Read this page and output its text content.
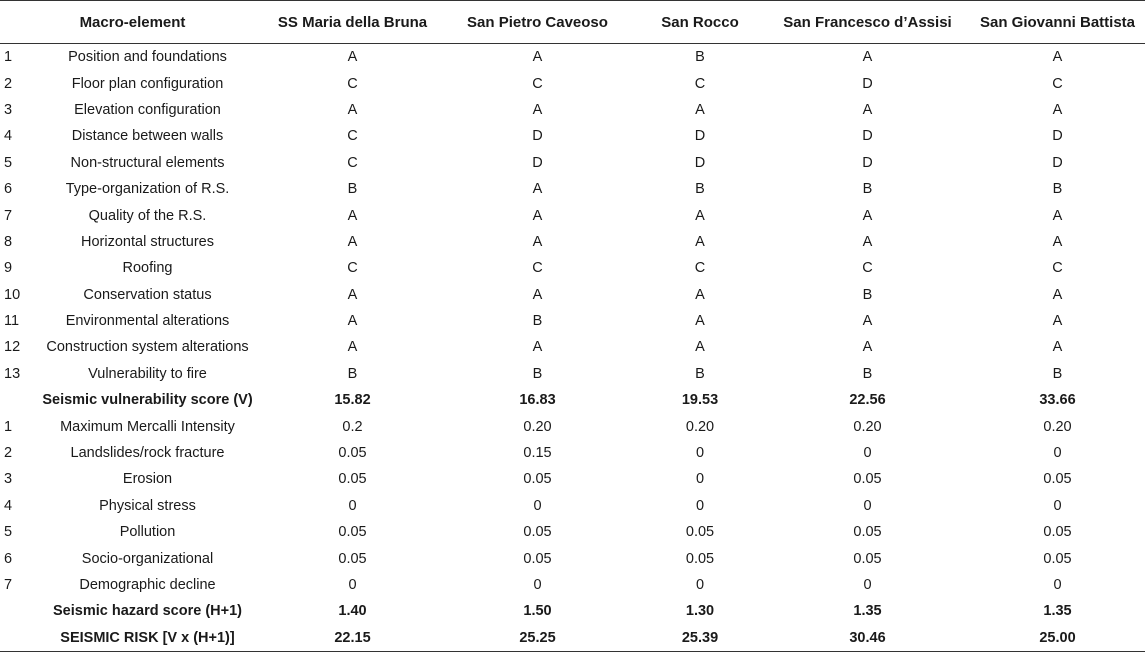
Macro-element		SS Maria della Bruna	San Pietro Caveoso	San Rocco	San Francesco d’Assisi	San Giovanni Battista
1	Position and foundations	A	A	B	A	A
2	Floor plan configuration	C	C	C	D	C
3	Elevation configuration	A	A	A	A	A
4	Distance between walls	C	D	D	D	D
5	Non-structural elements	C	D	D	D	D
6	Type-organization of R.S.	B	A	B	B	B
7	Quality of the R.S.	A	A	A	A	A
8	Horizontal structures	A	A	A	A	A
9	Roofing	C	C	C	C	C
10	Conservation status	A	A	A	B	A
11	Environmental alterations	A	B	A	A	A
12	Construction system alterations	A	A	A	A	A
13	Vulnerability to fire	B	B	B	B	B
	Seismic vulnerability score (V)	15.82	16.83	19.53	22.56	33.66
1	Maximum Mercalli Intensity	0.2	0.20	0.20	0.20	0.20
2	Landslides/rock fracture	0.05	0.15	0	0	0
3	Erosion	0.05	0.05	0	0.05	0.05
4	Physical stress	0	0	0	0	0
5	Pollution	0.05	0.05	0.05	0.05	0.05
6	Socio-organizational	0.05	0.05	0.05	0.05	0.05
7	Demographic decline	0	0	0	0	0
	Seismic hazard score (H+1)	1.40	1.50	1.30	1.35	1.35
	SEISMIC RISK [V x (H+1)]	22.15	25.25	25.39	30.46	25.00
